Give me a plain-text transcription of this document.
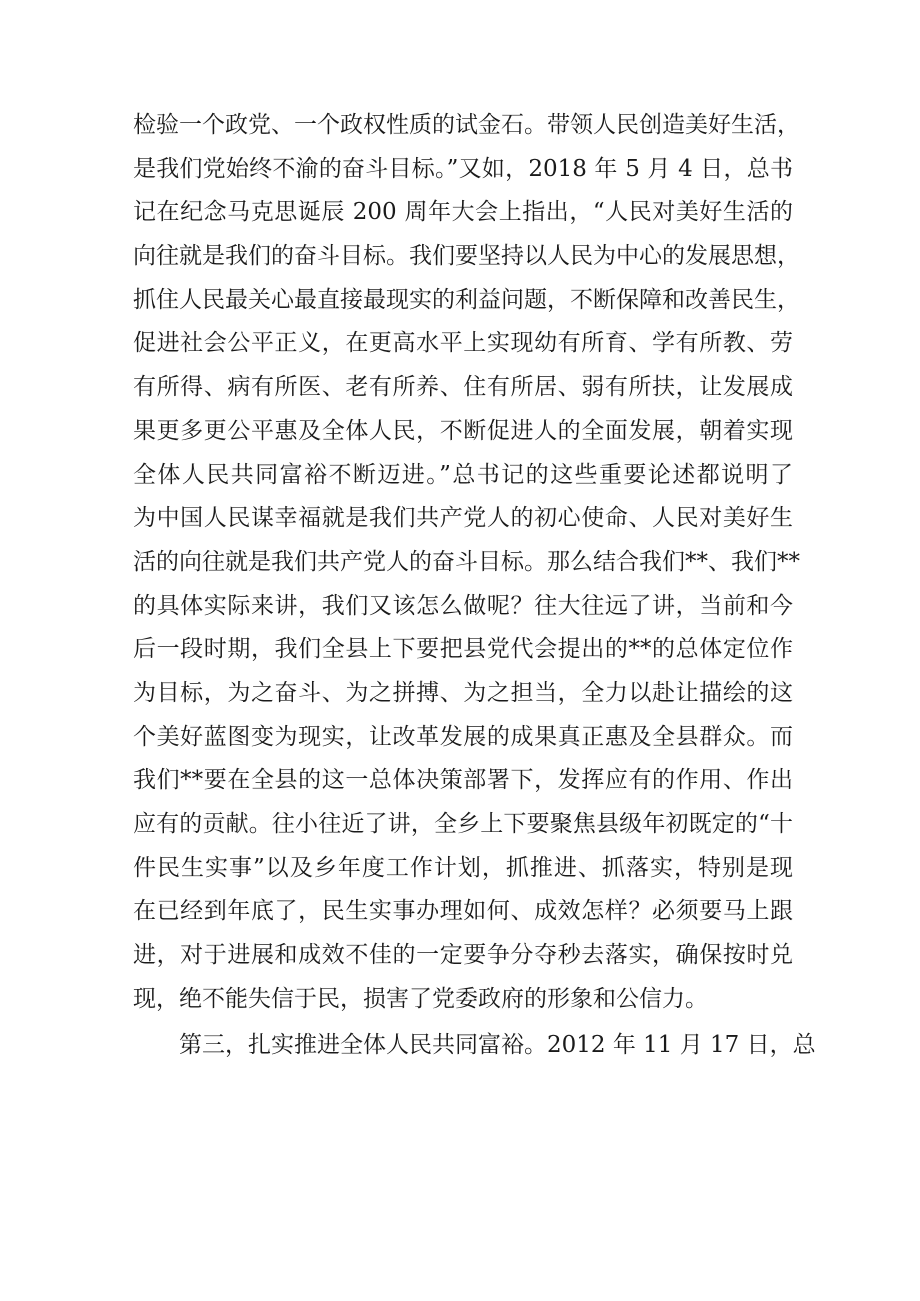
检验一个政党、一个政权性质的试金石。带领人民创造美好生活，
是我们党始终不渝的奋斗目标。”又如，2018 年 5 月 4 日，总书
记在纪念马克思诞辰 200 周年大会上指出，“人民对美好生活的
向往就是我们的奋斗目标。我们要坚持以人民为中心的发展思想，
抓住人民最关心最直接最现实的利益问题，不断保障和改善民生，
促进社会公平正义，在更高水平上实现幼有所育、学有所教、劳
有所得、病有所医、老有所养、住有所居、弱有所扶，让发展成
果更多更公平惠及全体人民，不断促进人的全面发展，朝着实现
全体人民共同富裕不断迈进。”总书记的这些重要论述都说明了
为中国人民谋幸福就是我们共产党人的初心使命、人民对美好生
活的向往就是我们共产党人的奋斗目标。那么结合我们**、我们**
的具体实际来讲，我们又该怎么做呢？往大往远了讲，当前和今
后一段时期，我们全县上下要把县党代会提出的**的总体定位作
为目标，为之奋斗、为之拼搏、为之担当，全力以赴让描绘的这
个美好蓝图变为现实，让改革发展的成果真正惠及全县群众。而
我们**要在全县的这一总体决策部署下，发挥应有的作用、作出
应有的贡献。往小往近了讲，全乡上下要聚焦县级年初既定的“十
件民生实事”以及乡年度工作计划，抓推进、抓落实，特别是现
在已经到年底了，民生实事办理如何、成效怎样？必须要马上跟
进，对于进展和成效不佳的一定要争分夺秒去落实，确保按时兑
现，绝不能失信于民，损害了党委政府的形象和公信力。
第三，扎实推进全体人民共同富裕。2012 年 11 月 17 日，总
